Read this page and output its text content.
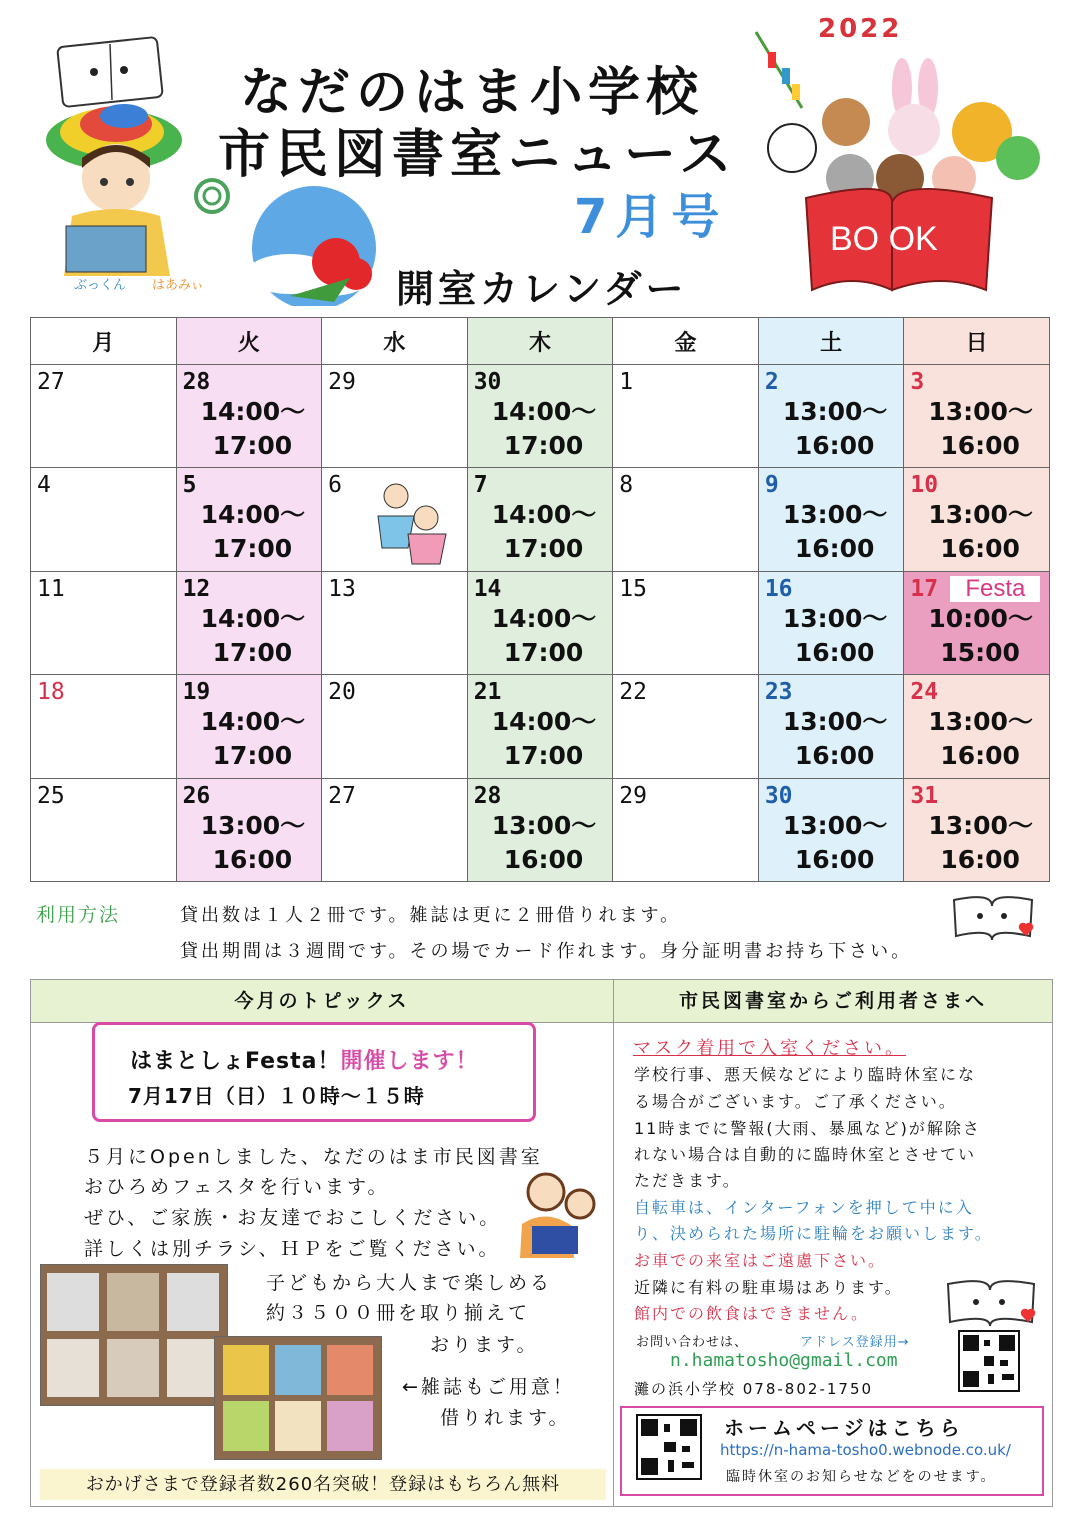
2022
なだのはま小学校
市民図書室ニュース
7月号
開室カレンダー
ぶっくん はあみぃ
BO OK
月	火	水	木	金	土	日

27	28
14:00～
17:00	29	30
14:00～
17:00	1	2
13:00～
16:00	3
13:00～
16:00

4	5
14:00～
17:00	6	7
14:00～
17:00	8	9
13:00～
16:00	10
13:00～
16:00

11	12
14:00～
17:00	13	14
14:00～
17:00	15	16
13:00～
16:00	17 Festa
10:00～
15:00

18	19
14:00～
17:00	20	21
14:00～
17:00	22	23
13:00～
16:00	24
13:00～
16:00

25	26
13:00～
16:00	27	28
13:00～
16:00	29	30
13:00～
16:00	31
13:00～
16:00
利用方法	貸出数は１人２冊です。雑誌は更に２冊借りれます。
貸出期間は３週間です。その場でカード作れます。身分証明書お持ち下さい。
今月のトピックス
はまとしょFesta！開催します！
7月17日（日）１０時～１５時
５月にOpenしました、なだのはま市民図書室
おひろめフェスタを行います。
ぜひ、ご家族・お友達でおこしください。
詳しくは別チラシ、ＨＰをご覧ください。
子どもから大人まで楽しめる
約３５００冊を取り揃えて
おります。
←雑誌もご用意！
借りれます。
おかげさまで登録者数260名突破！登録はもちろん無料
市民図書室からご利用者さまへ
マスク着用で入室ください。
学校行事、悪天候などにより臨時休室にな
る場合がございます。ご了承ください。
11時までに警報(大雨、暴風など)が解除さ
れない場合は自動的に臨時休室とさせてい
ただきます。
自転車は、インターフォンを押して中に入
り、決められた場所に駐輪をお願いします。
お車での来室はご遠慮下さい。
近隣に有料の駐車場はあります。
館内での飲食はできません。
お問い合わせは、	アドレス登録用→
n.hamatosho@gmail.com
灘の浜小学校 078-802-1750
ホームページはこちら
https://n-hama-tosho0.webnode.co.uk/
臨時休室のお知らせなどをのせます。
